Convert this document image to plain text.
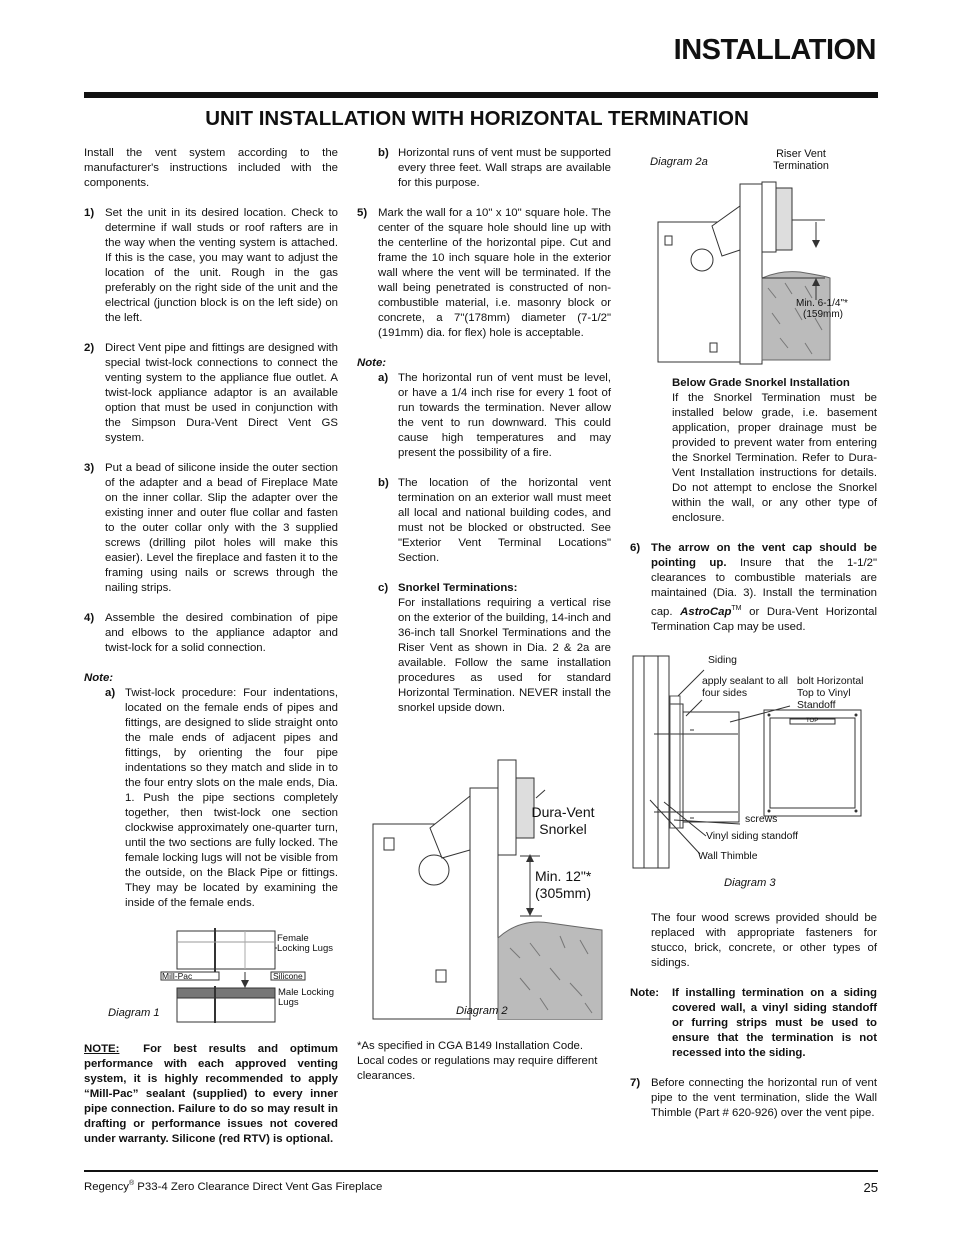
INSTALLATION
UNIT INSTALLATION WITH HORIZONTAL TERMINATION

Install the vent system according to the manufacturer's instructions included with the components.

1) Set the unit in its desired location. Check to determine if wall studs or roof rafters are in the way when the venting system is attached. If this is the case, you may want to adjust the location of the unit. Rough in the gas preferably on the right side of the unit and the electrical (junction block is on the left side) on the left.
2) Direct Vent pipe and fittings are designed with special twist-lock connections to connect the venting system to the appliance flue outlet. A twist-lock appliance adaptor is an available option that must be used in conjunction with the Simpson Dura-Vent Direct Vent GS system.
3) Put a bead of silicone inside the outer section of the adapter and a bead of Fireplace Mate on the inner collar. Slip the adapter over the existing inner and outer flue collar and fasten to the outer collar only with the 3 supplied screws (drilling pilot holes will make this easier). Level the fireplace and fasten it to the framing using nails or screws through the nailing strips.
4) Assemble the desired combination of pipe and elbows to the appliance adaptor and twist-lock for a solid connection.
Note:
a) Twist-lock procedure: Four indentations, located on the female ends of pipes and fittings, are designed to slide straight onto the male ends of adjacent pipes and fittings, by orienting the four pipe indentations so they match and slide in to the four entry slots on the male ends, Dia. 1. Push the pipe sections completely together, then twist-lock one section clockwise approximately one-quarter turn, until the two sections are fully locked. The female locking lugs will not be visible from the outside, on the Black Pipe or fittings. They may be located by examining the inside of the female ends.
Female Locking Lugs
Mill-Pac	Silicone
Male Locking Lugs
Diagram 1
NOTE: For best results and optimum performance with each approved venting system, it is highly recommended to apply “Mill-Pac” sealant (supplied) to every inner pipe connection. Failure to do so may result in drafting or performance issues not covered under warranty. Silicone (red RTV) is optional.
b) Horizontal runs of vent must be supported every three feet. Wall straps are available for this purpose.
5) Mark the wall for a 10" x 10" square hole. The center of the square hole should line up with the centerline of the horizontal pipe. Cut and frame the 10 inch square hole in the exterior wall where the vent will be terminated. If the wall being penetrated is constructed of non-combustible material, i.e. masonry block or concrete, a 7"(178mm) diameter (7-1/2"(191mm) dia. for flex) hole is acceptable.
Note:
a) The horizontal run of vent must be level, or have a 1/4 inch rise for every 1 foot of run towards the termination. Never allow the vent to run downward. This could cause high temperatures and may present the possibility of a fire.
b) The location of the horizontal vent termination on an exterior wall must meet all local and national building codes, and must not be blocked or obstructed. See "Exterior Vent Terminal Locations" Section.
c) Snorkel Terminations:
For installations requiring a vertical rise on the exterior of the building, 14-inch and 36-inch tall Snorkel Terminations and the Riser Vent as shown in Dia. 2 & 2a are available. Follow the same installation procedures as used for standard Horizontal Termination. NEVER install the snorkel upside down.
Dura-Vent Snorkel
Min. 12"* (305mm)
Diagram 2
*As specified in CGA B149 Installation Code. Local codes or regulations may require different clearances.
Diagram 2a
Riser Vent Termination
Min. 6-1/4"*
(159mm)
Below Grade Snorkel Installation
If the Snorkel Termination must be installed below grade, i.e. basement application, proper drainage must be provided to prevent water from entering the Snorkel Termination. Refer to Dura-Vent Installation instructions for details. Do not attempt to enclose the Snorkel within the wall, or any other type of enclosure.
6) The arrow on the vent cap should be pointing up. Insure that the 1-1/2" clearances to combustible materials are maintained (Dia. 3). Install the termination cap. AstroCap™ or Dura-Vent Horizontal Termination Cap may be used.
Siding
apply sealant to all four sides
bolt Horizontal Top to Vinyl Standoff
TOP
screws
Vinyl siding standoff
Wall Thimble
Diagram 3

The four wood screws provided should be replaced with appropriate fasteners for stucco, brick, concrete, or other types of sidings.

Note: If installing termination on a siding covered wall, a vinyl siding standoff or furring strips must be used to ensure that the termination is not recessed into the siding.
7) Before connecting the horizontal run of vent pipe to the vent termination, slide the Wall Thimble (Part # 620-926) over the vent pipe.
Regency® P33-4 Zero Clearance Direct Vent Gas Fireplace	25
